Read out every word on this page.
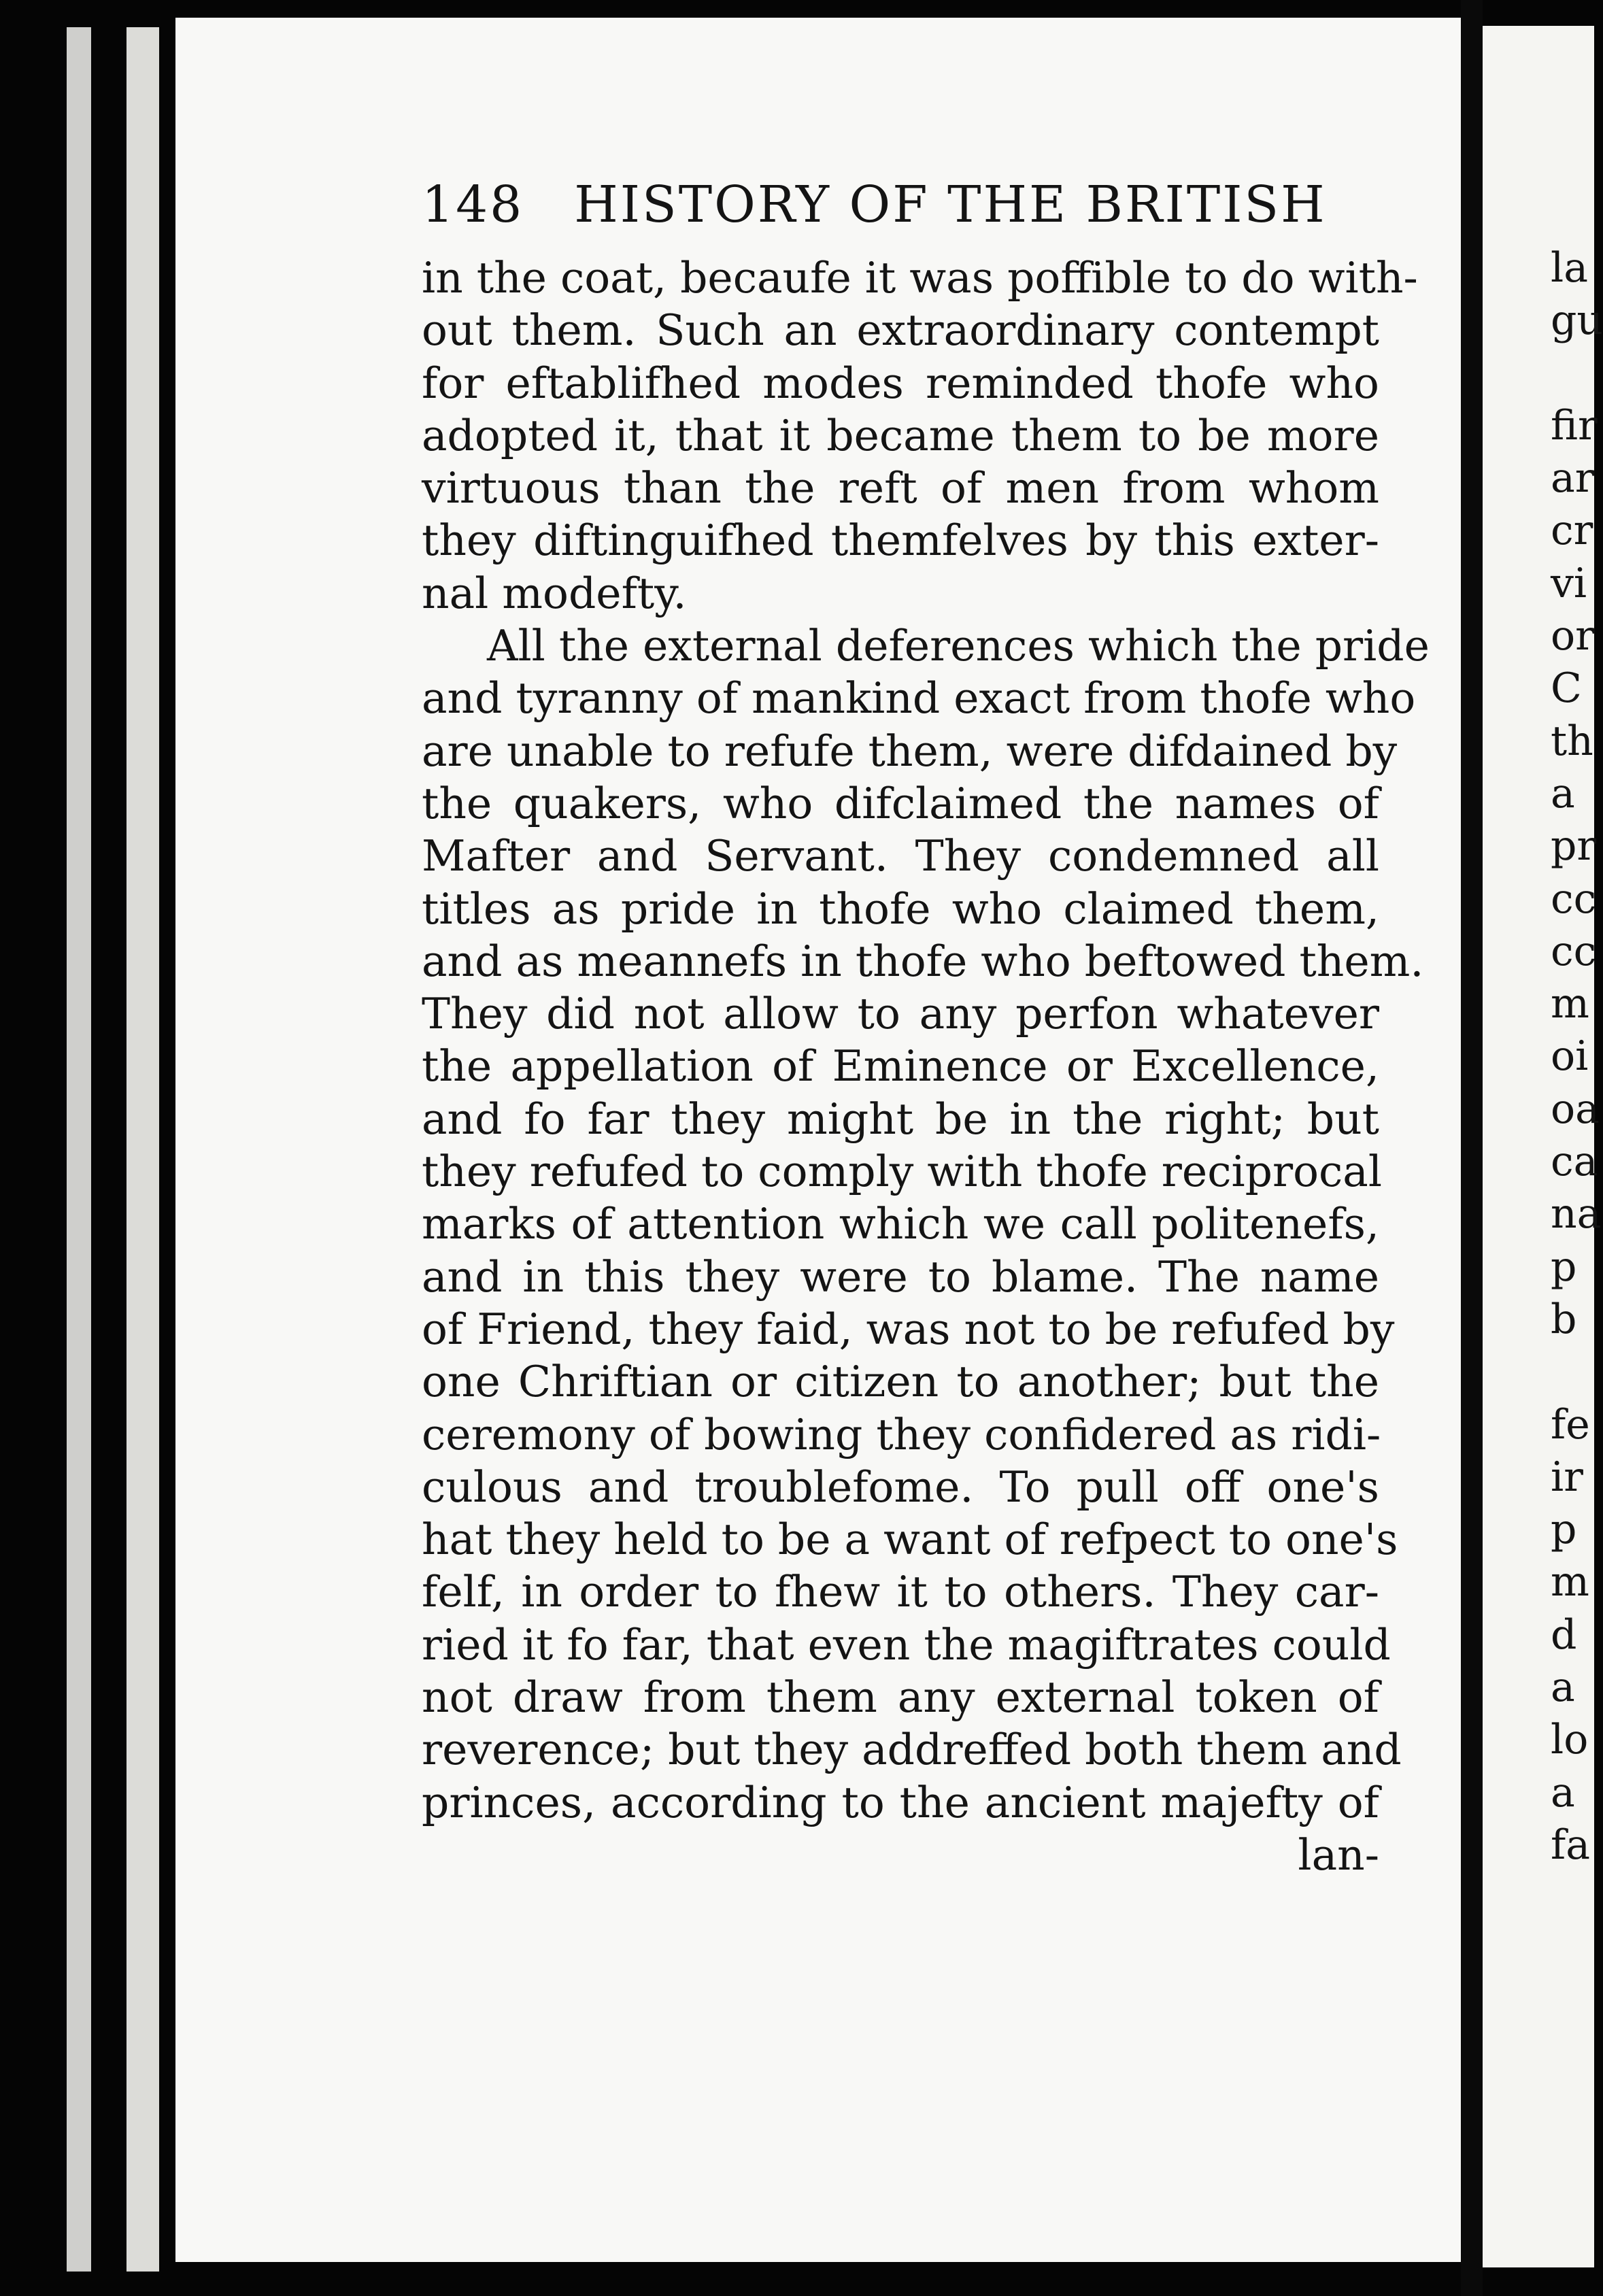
148 HISTORY OF THE BRITISH
in the coat, becaufe it was poffible to do with-
out them. Such an extraordinary contempt
for eftablifhed modes reminded thofe who
adopted it, that it became them to be more
virtuous than the reft of men from whom
they diftinguifhed themfelves by this exter-
nal modefty.
All the external deferences which the pride
and tyranny of mankind exact from thofe who
are unable to refufe them, were difdained by
the quakers, who difclaimed the names of
Mafter and Servant. They condemned all
titles as pride in thofe who claimed them,
and as meannefs in thofe who beftowed them.
They did not allow to any perfon whatever
the appellation of Eminence or Excellence,
and fo far they might be in the right; but
they refufed to comply with thofe reciprocal
marks of attention which we call politenefs,
and in this they were to blame. The name
of Friend, they faid, was not to be refufed by
one Chriftian or citizen to another; but the
ceremony of bowing they confidered as ridi-
culous and troublefome. To pull off one's
hat they held to be a want of refpect to one's
felf, in order to fhew it to others. They car-
ried it fo far, that even the magiftrates could
not draw from them any external token of
reverence; but they addreffed both them and
princes, according to the ancient majefty of
lan-
la
gu
fir
ar
cr
vi
or
C
th
a
pr
cc
cc
m
oi
oa
ca
na
p
b
fe
ir
p
m
d
a
lo
a
fa
